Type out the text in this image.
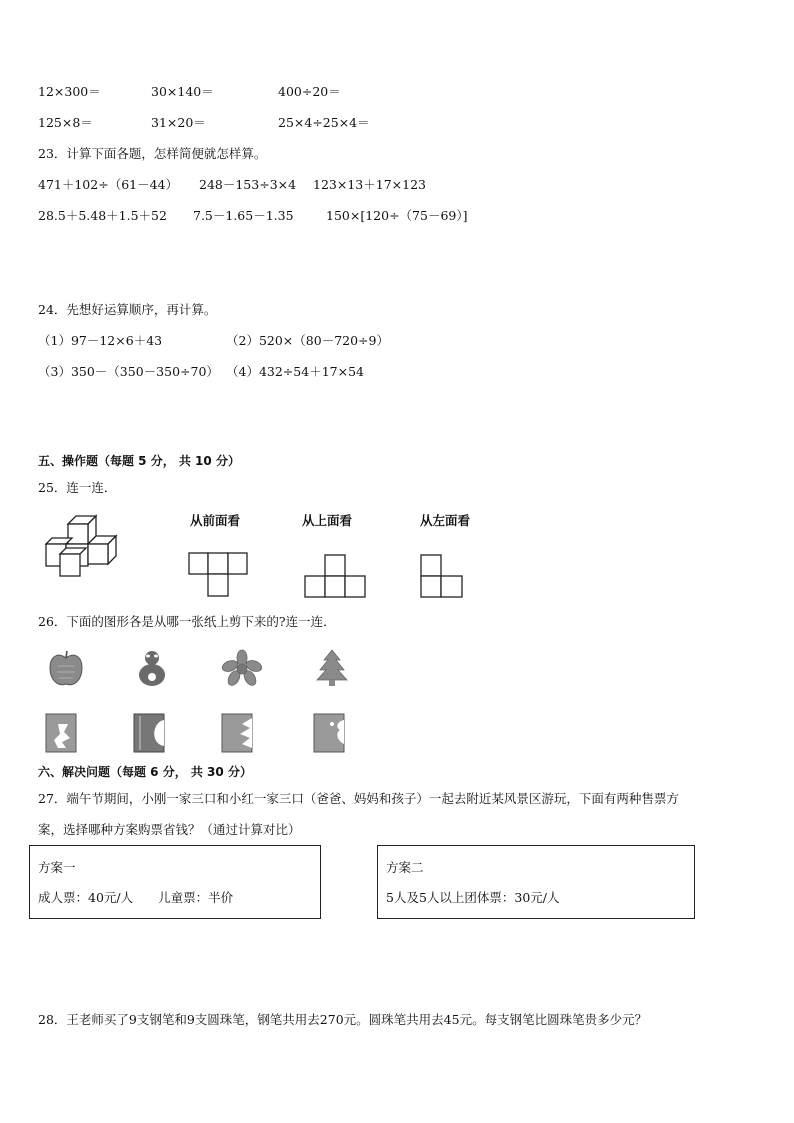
12×300＝	30×140＝	400÷20＝
125×8＝	31×20＝	25×4÷25×4＝
23．计算下面各题，怎样简便就怎样算。
471＋102÷（61－44） 248－153÷3×4 123×13＋17×123
28.5＋5.48＋1.5＋52 7.5－1.65－1.35	150×[120÷（75－69）]
24．先想好运算顺序，再计算。
（1）97－12×6＋43	（2）520×（80－720÷9）
（3）350－（350－350÷70） （4）432÷54＋17×54
五、操作题（每题 5 分， 共 10 分）
25．连一连．
从前面看	从上面看	从左面看
26．下面的图形各是从哪一张纸上剪下来的?连一连．
六、解决问题（每题 6 分， 共 30 分）
27．端午节期间，小刚一家三口和小红一家三口（爸爸、妈妈和孩子）一起去附近某风景区游玩，下面有两种售票方
案，选择哪种方案购票省钱？（通过计算对比）
方案一
成人票：40元/人　　儿童票：半价
方案二
5人及5人以上团体票：30元/人
28．王老师买了9支钢笔和9支圆珠笔，钢笔共用去270元。圆珠笔共用去45元。每支钢笔比圆珠笔贵多少元？
